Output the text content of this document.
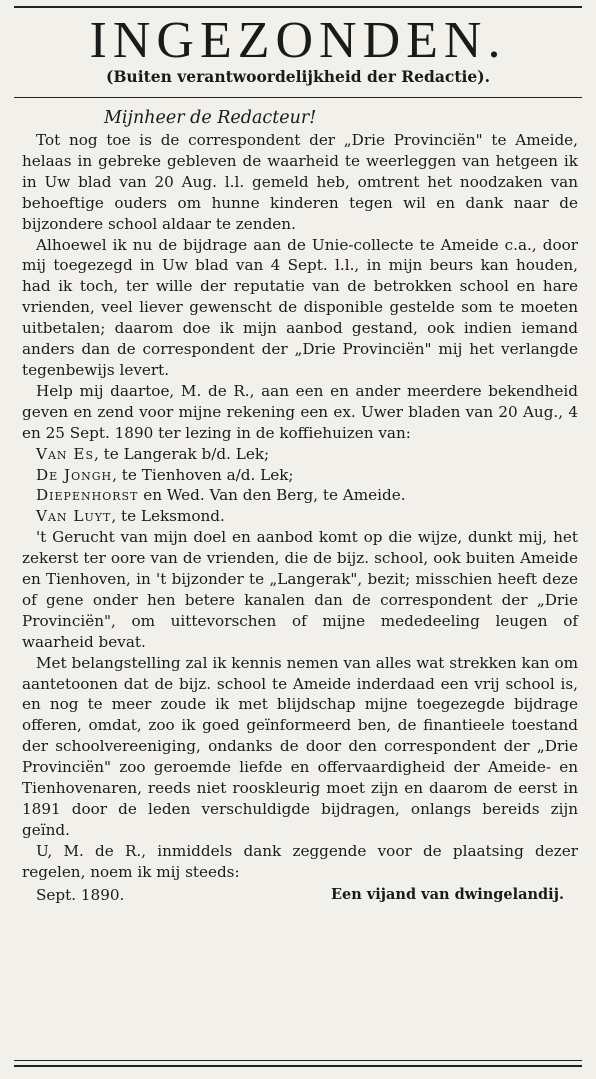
INGEZONDEN.
(Buiten verantwoordelijkheid der Redactie).
Mijnheer de Redacteur!

Tot nog toe is de correspondent der „Drie Provinciën" te Ameide, helaas in gebreke gebleven de waarheid te weerleggen van hetgeen ik in Uw blad van 20 Aug. l.l. gemeld heb, omtrent het noodzaken van behoeftige ouders om hunne kinderen tegen wil en dank naar de bijzondere school aldaar te zenden.

Alhoewel ik nu de bijdrage aan de Unie-collecte te Ameide c.a., door mij toegezegd in Uw blad van 4 Sept. l.l., in mijn beurs kan houden, had ik toch, ter wille der reputatie van de betrokken school en hare vrienden, veel liever gewenscht de disponible gestelde som te moeten uitbetalen; daarom doe ik mijn aanbod gestand, ook indien iemand anders dan de correspondent der „Drie Provinciën" mij het verlangde tegenbewijs levert.

Help mij daartoe, M. de R., aan een en ander meerdere bekendheid geven en zend voor mijne rekening een ex. Uwer bladen van 20 Aug., 4 en 25 Sept. 1890 ter lezing in de koffiehuizen van:

Van Es, te Langerak b/d. Lek;

De Jongh, te Tienhoven a/d. Lek;

Diepenhorst en Wed. Van den Berg, te Ameide.

Van Luyt, te Leksmond.

't Gerucht van mijn doel en aanbod komt op die wijze, dunkt mij, het zekerst ter oore van de vrienden, die de bijz. school, ook buiten Ameide en Tienhoven, in 't bijzonder te „Langerak", bezit; misschien heeft deze of gene onder hen betere kanalen dan de correspondent der „Drie Provinciën", om uittevorschen of mijne mededeeling leugen of waarheid bevat.

Met belangstelling zal ik kennis nemen van alles wat strekken kan om aantetoonen dat de bijz. school te Ameide inderdaad een vrij school is, en nog te meer zoude ik met blijdschap mijne toegezegde bijdrage offeren, omdat, zoo ik goed geïnformeerd ben, de finantieele toestand der schoolvereeniging, ondanks de door den correspondent der „Drie Provinciën" zoo geroemde liefde en offervaardigheid der Ameide- en Tienhovenaren, reeds niet rooskleurig moet zijn en daarom de eerst in 1891 door de leden verschuldigde bijdragen, onlangs bereids zijn geïnd.

U, M. de R., inmiddels dank zeggende voor de plaatsing dezer regelen, noem ik mij steeds:

Sept. 1890.	Een vijand van dwingelandij.
